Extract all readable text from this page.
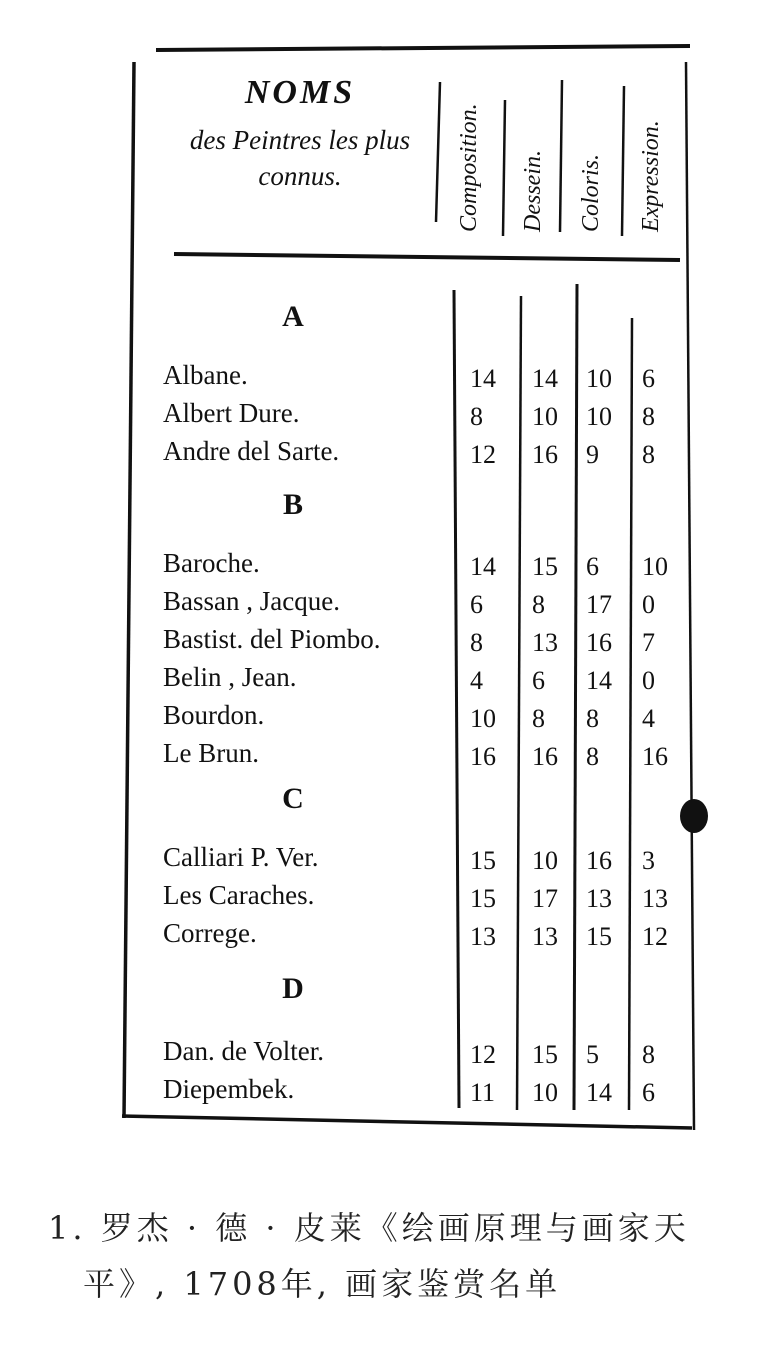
NOMS
des Peintres les plus
connus.	Composition. Dessein. Coloris. Expression.
A
Albane.	14 14 10 6
Albert Dure.	8 10 10 8
Andre del Sarte.	12 16 9 8
B
Baroche.	14 15 6 10
Bassan , Jacque.	6 8 17 0
Bastist. del Piombo.	8 13 16 7
Belin , Jean.	4 6 14 0
Bourdon.	10 8 8 4
Le Brun.	16 16 8 16
C
Calliari P. Ver.	15 10 16 3
Les Caraches.	15 17 13 13
Correge.	13 13 15 12
D
Dan. de Volter.	12 15 5 8
Diepembek.	11 10 14 6
1. 罗杰 · 德 · 皮莱《绘画原理与画家天
平》, 1708年, 画家鉴赏名单
